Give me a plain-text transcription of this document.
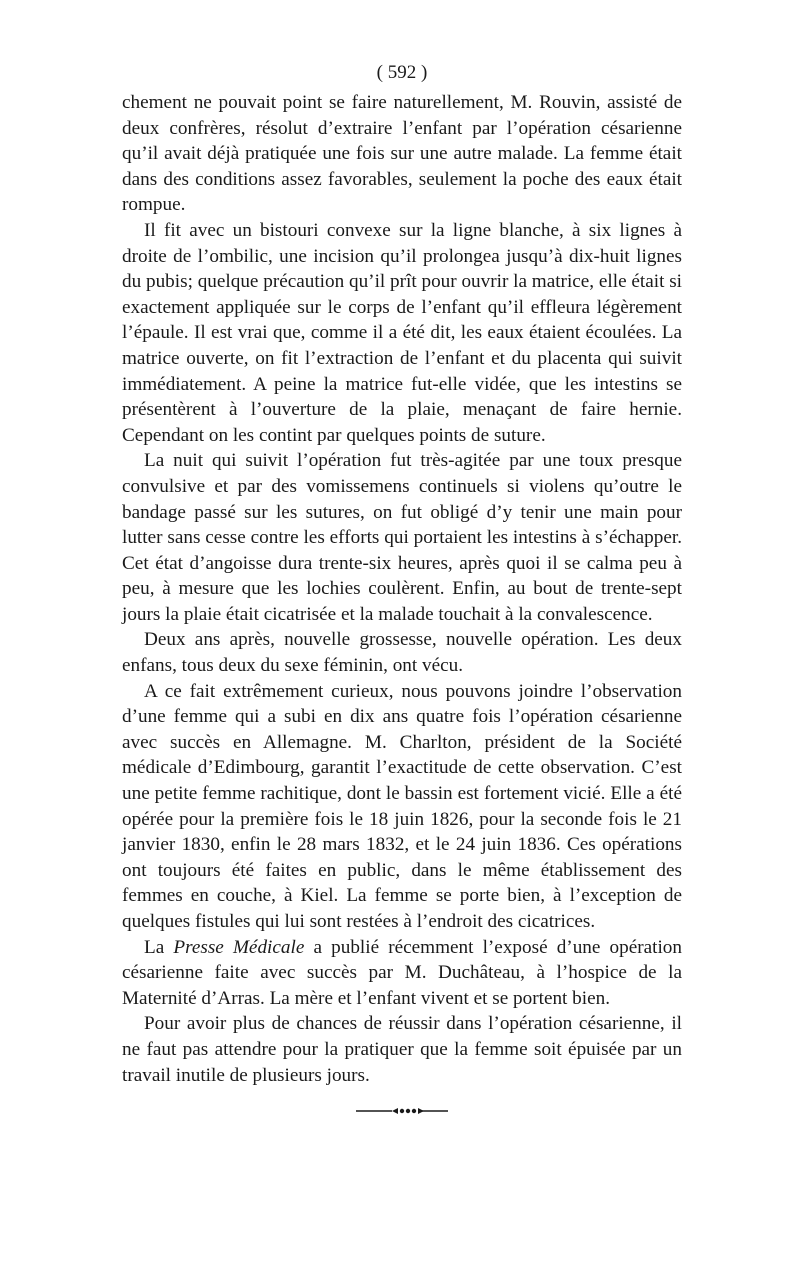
( 592 )

chement ne pouvait point se faire naturellement, M. Rouvin, assisté de deux confrères, résolut d’extraire l’enfant par l’opération césarienne qu’il avait déjà pratiquée une fois sur une autre malade. La femme était dans des conditions assez favorables, seulement la poche des eaux était rompue.

Il fit avec un bistouri convexe sur la ligne blanche, à six lignes à droite de l’ombilic, une incision qu’il prolongea jusqu’à dix-huit lignes du pubis; quelque précaution qu’il prît pour ouvrir la matrice, elle était si exactement appliquée sur le corps de l’enfant qu’il effleura légèrement l’épaule. Il est vrai que, comme il a été dit, les eaux étaient écoulées. La matrice ouverte, on fit l’extraction de l’enfant et du placenta qui suivit immédiatement. A peine la matrice fut-elle vidée, que les intestins se présentèrent à l’ouverture de la plaie, menaçant de faire hernie. Cependant on les contint par quelques points de suture.

La nuit qui suivit l’opération fut très-agitée par une toux presque convulsive et par des vomissemens continuels si violens qu’outre le bandage passé sur les sutures, on fut obligé d’y tenir une main pour lutter sans cesse contre les efforts qui portaient les intestins à s’échapper. Cet état d’angoisse dura trente-six heures, après quoi il se calma peu à peu, à mesure que les lochies coulèrent. Enfin, au bout de trente-sept jours la plaie était cicatrisée et la malade touchait à la convalescence.

Deux ans après, nouvelle grossesse, nouvelle opération. Les deux enfans, tous deux du sexe féminin, ont vécu.

A ce fait extrêmement curieux, nous pouvons joindre l’observation d’une femme qui a subi en dix ans quatre fois l’opération césarienne avec succès en Allemagne. M. Charlton, président de la Société médicale d’Edimbourg, garantit l’exactitude de cette observation. C’est une petite femme rachitique, dont le bassin est fortement vicié. Elle a été opérée pour la première fois le 18 juin 1826, pour la seconde fois le 21 janvier 1830, enfin le 28 mars 1832, et le 24 juin 1836. Ces opérations ont toujours été faites en public, dans le même établissement des femmes en couche, à Kiel. La femme se porte bien, à l’exception de quelques fistules qui lui sont restées à l’endroit des cicatrices.

La Presse Médicale a publié récemment l’exposé d’une opération césarienne faite avec succès par M. Duchâteau, à l’hospice de la Maternité d’Arras. La mère et l’enfant vivent et se portent bien.

Pour avoir plus de chances de réussir dans l’opération césarienne, il ne faut pas attendre pour la pratiquer que la femme soit épuisée par un travail inutile de plusieurs jours.
